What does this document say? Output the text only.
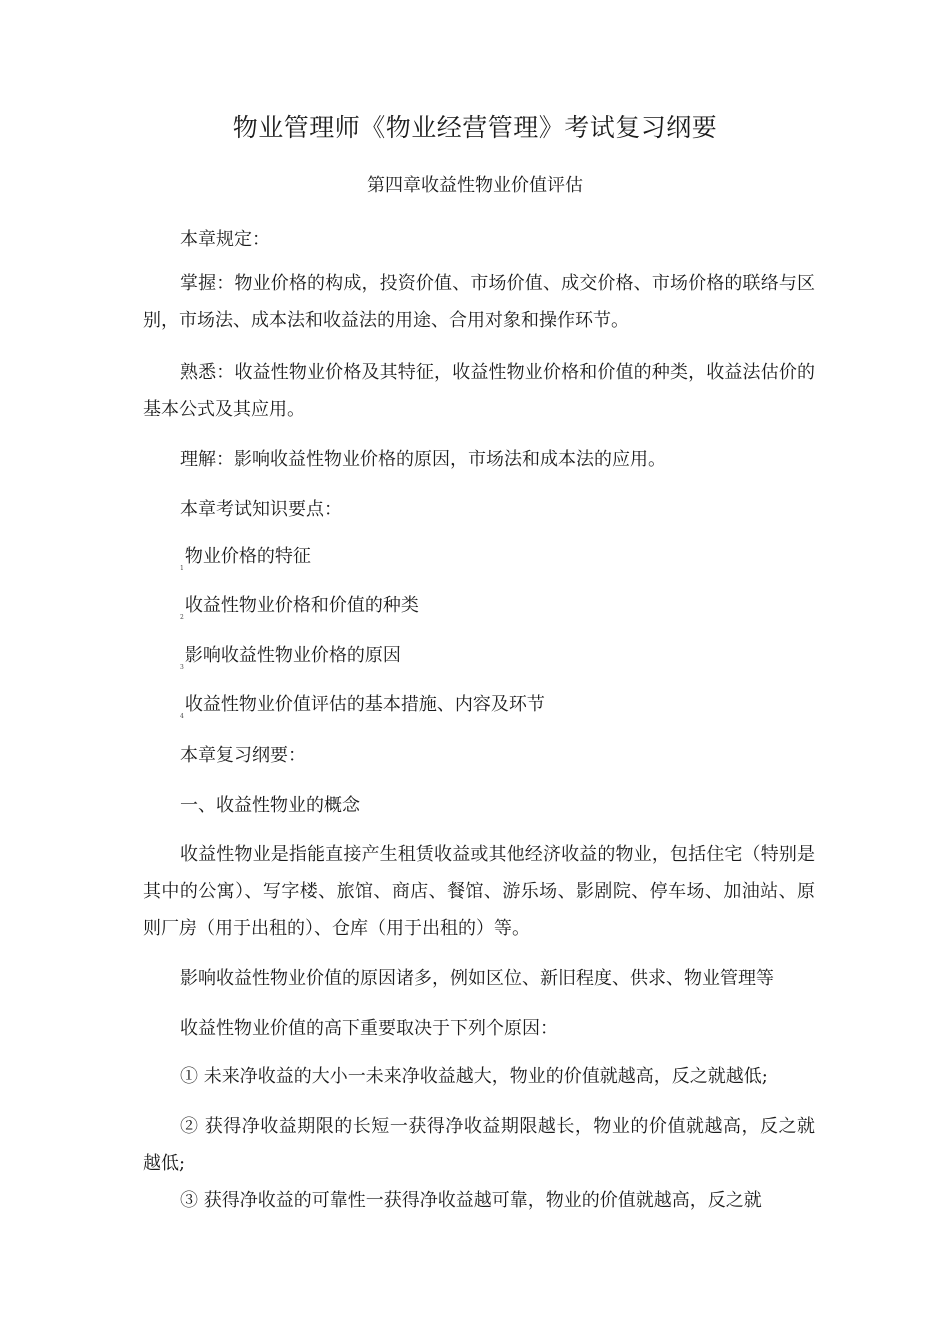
物业管理师《物业经营管理》考试复习纲要
第四章收益性物业价值评估

本章规定：

掌握：物业价格的构成，投资价值、市场价值、成交价格、市场价格的联络与区别，市场法、成本法和收益法的用途、合用对象和操作环节。

熟悉：收益性物业价格及其特征，收益性物业价格和价值的种类，收益法估价的基本公式及其应用。

理解：影响收益性物业价格的原因，市场法和成本法的应用。

本章考试知识要点：

$_1$物业价格的特征
$_2$收益性物业价格和价值的种类
$_3$影响收益性物业价格的原因
$_4$收益性物业价值评估的基本措施、内容及环节

本章复习纲要：

一、收益性物业的概念

收益性物业是指能直接产生租赁收益或其他经济收益的物业，包括住宅（特别是其中的公寓）、写字楼、旅馆、商店、餐馆、游乐场、影剧院、停车场、加油站、原则厂房（用于出租的）、仓库（用于出租的）等。

影响收益性物业价值的原因诸多，例如区位、新旧程度、供求、物业管理等

收益性物业价值的高下重要取决于下列个原因：

① 未来净收益的大小一未来净收益越大，物业的价值就越高，反之就越低;

② 获得净收益期限的长短一获得净收益期限越长，物业的价值就越高，反之就越低;

③ 获得净收益的可靠性一获得净收益越可靠，物业的价值就越高，反之就
